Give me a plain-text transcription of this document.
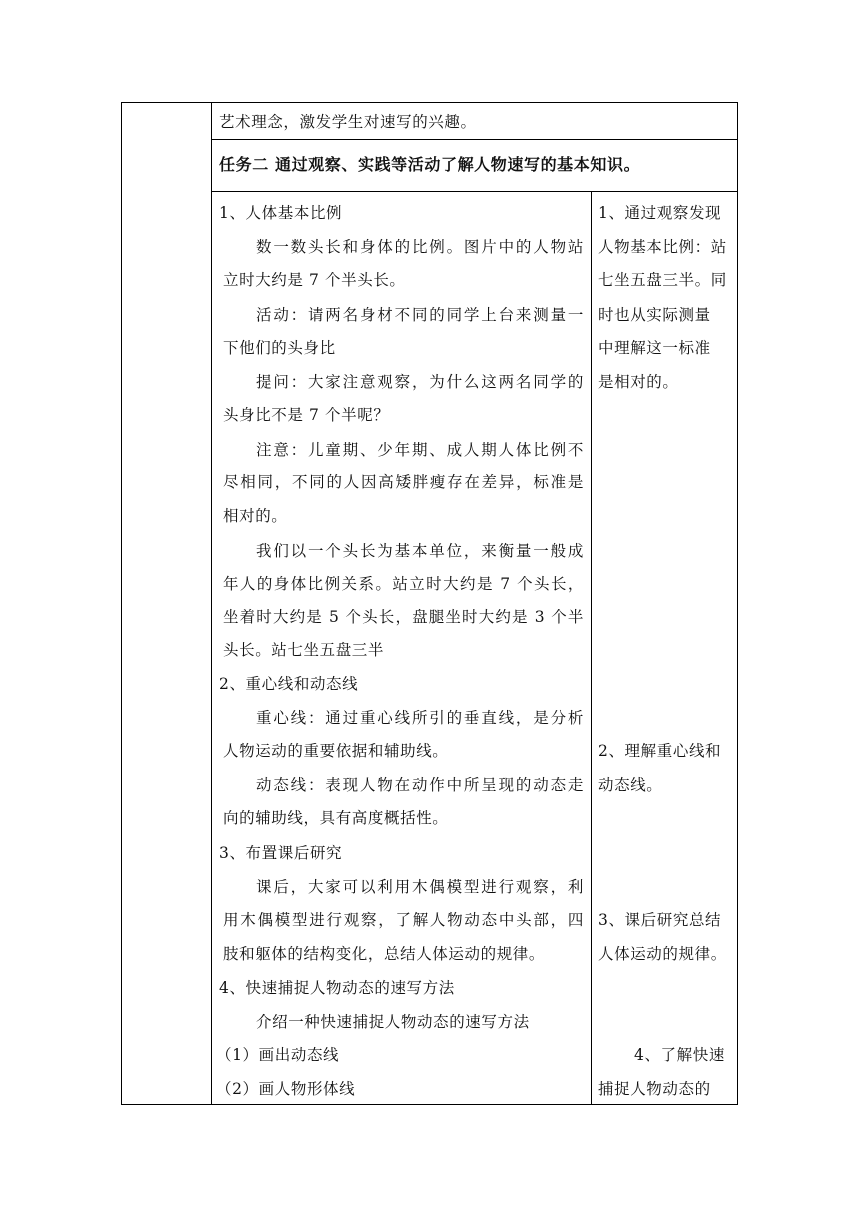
艺术理念，激发学生对速写的兴趣。
任务二 通过观察、实践等活动了解人物速写的基本知识。
1、人体基本比例
数一数头长和身体的比例。图片中的人物站
立时大约是 7 个半头长。
活动：请两名身材不同的同学上台来测量一
下他们的头身比
提问：大家注意观察，为什么这两名同学的
头身比不是 7 个半呢？
注意：儿童期、少年期、成人期人体比例不
尽相同，不同的人因高矮胖瘦存在差异，标准是
相对的。
我们以一个头长为基本单位，来衡量一般成
年人的身体比例关系。站立时大约是 7 个头长，
坐着时大约是 5 个头长，盘腿坐时大约是 3 个半
头长。站七坐五盘三半
2、重心线和动态线
重心线：通过重心线所引的垂直线，是分析
人物运动的重要依据和辅助线。
动态线：表现人物在动作中所呈现的动态走
向的辅助线，具有高度概括性。
3、布置课后研究
课后，大家可以利用木偶模型进行观察，利
用木偶模型进行观察，了解人物动态中头部，四
肢和躯体的结构变化，总结人体运动的规律。
4、快速捕捉人物动态的速写方法
介绍一种快速捕捉人物动态的速写方法
（1）画出动态线
（2）画人物形体线
1、通过观察发现
人物基本比例：站
七坐五盘三半。同
时也从实际测量
中理解这一标准
是相对的。
2、理解重心线和
动态线。
3、课后研究总结
人体运动的规律。
4、了解快速
捕捉人物动态的
